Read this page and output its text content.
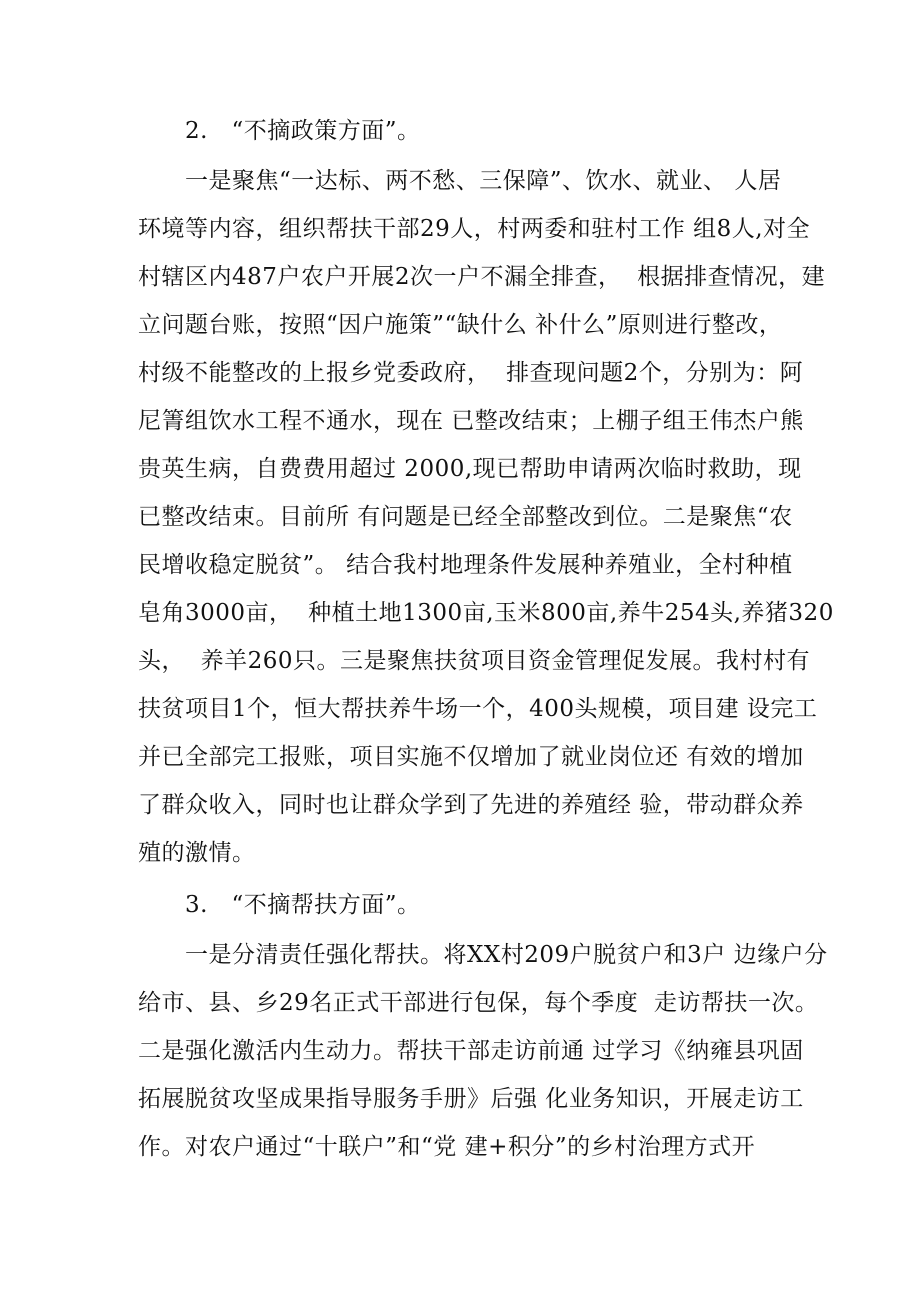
2.　“不摘政策方面”。
一是聚焦“一达标、两不愁、三保障”、饮水、就业、 人居
环境等内容，组织帮扶干部29人，村两委和驻村工作 组8人,对全
村辖区内487户农户开展2次一户不漏全排查，  根据排查情况，建
立问题台账，按照“因户施策”“缺什么 补什么”原则进行整改，
村级不能整改的上报乡党委政府，  排查现问题2个，分别为：阿
尼箐组饮水工程不通水，现在 已整改结束；上棚子组王伟杰户熊
贵英生病，自费费用超过 2000,现已帮助申请两次临时救助，现
已整改结束。目前所 有问题是已经全部整改到位。二是聚焦“农
民增收稳定脱贫”。 结合我村地理条件发展种养殖业，全村种植
皂角3000亩，  种植土地1300亩,玉米800亩,养牛254头,养猪320
头，  养羊260只。三是聚焦扶贫项目资金管理促发展。我村村有
扶贫项目1个，恒大帮扶养牛场一个，400头规模，项目建 设完工
并已全部完工报账，项目实施不仅增加了就业岗位还 有效的增加
了群众收入，同时也让群众学到了先进的养殖经 验，带动群众养
殖的激情。
3.　“不摘帮扶方面”。
一是分清责任强化帮扶。将XX村209户脱贫户和3户 边缘户分
给市、县、乡29名正式干部进行包保，每个季度  走访帮扶一次。
二是强化激活内生动力。帮扶干部走访前通 过学习《纳雍县巩固
拓展脱贫攻坚成果指导服务手册》后强 化业务知识，开展走访工
作。对农户通过“十联户”和“党 建+积分”的乡村治理方式开
